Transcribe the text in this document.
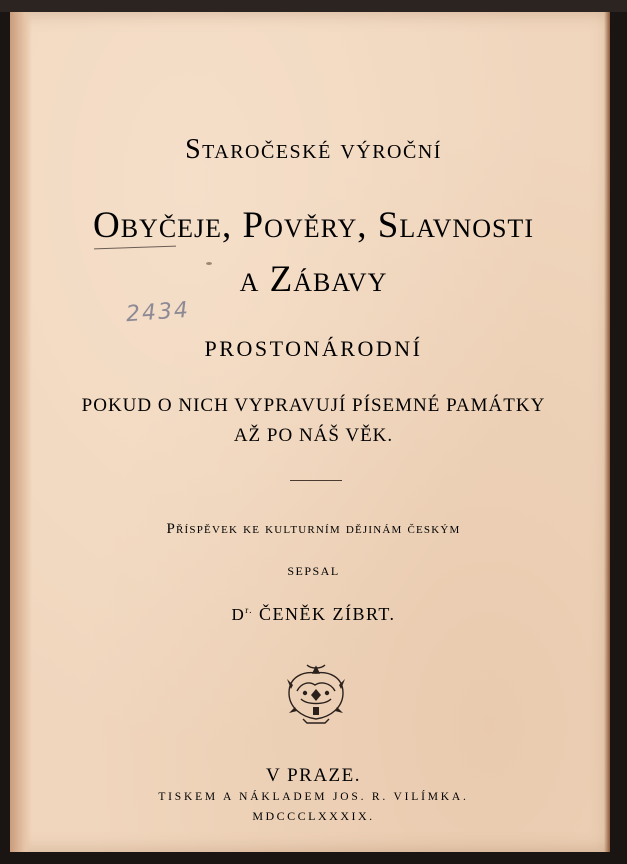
Staročeské výroční
Obyčeje, Pověry, Slavnosti
a Zábavy
2434
PROSTONÁRODNÍ
POKUD O NICH VYPRAVUJÍ PÍSEMNÉ PAMÁTKY
AŽ PO NÁŠ VĚK.
Příspěvek ke kulturním dějinám českým
SEPSAL
$D^{r.}$ ČENĚK ZÍBRT.
V PRAZE.
TISKEM A NÁKLADEM JOS. R. VILÍMKA.
MDCCCLXXXIX.
